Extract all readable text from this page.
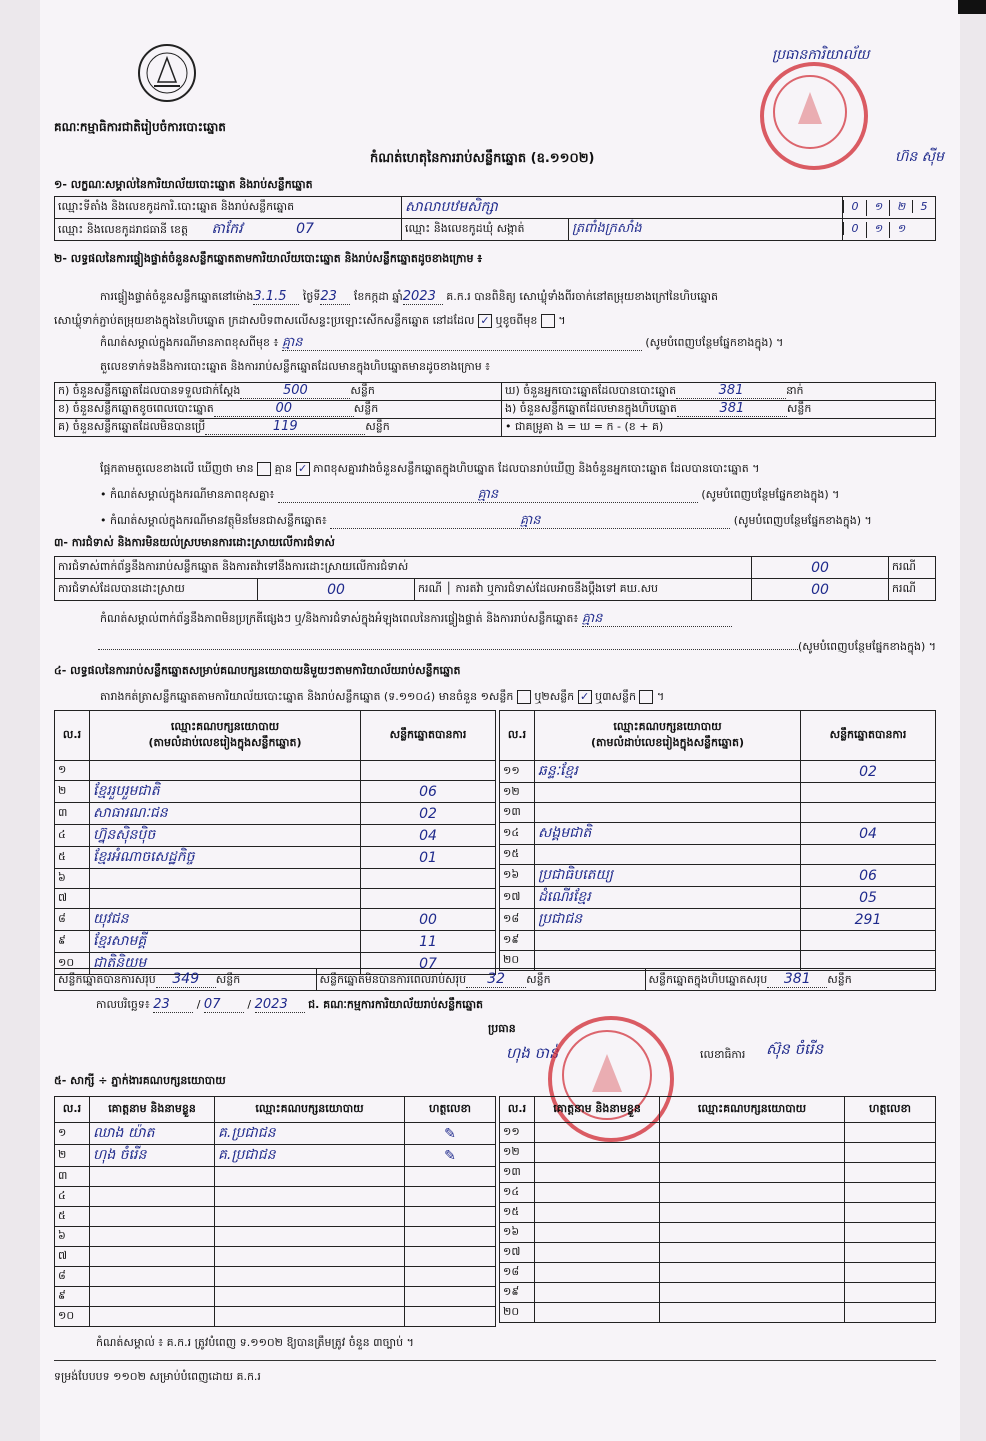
គណៈកម្មាធិការជាតិរៀបចំការបោះឆ្នោត
កំណត់ហេតុនៃការរាប់សន្លឹកឆ្នោត (ឧ.១១០២)
ប្រធានការិយាល័យ
ហ៊ន ស៊ីម
១- លក្ខណៈសម្គាល់នៃការិយាល័យបោះឆ្នោត និងរាប់សន្លឹកឆ្នោត
ឈ្មោះទីតាំង និងលេខកូដការិ.បោះឆ្នោត និងរាប់សន្លឹកឆ្នោត	សាលាបឋមសិក្សា		0 ១ ២ 5
ឈ្មោះ និងលេខកូដរាជធានី ខេត្ត តាកែវ 07	ឈ្មោះ និងលេខកូដឃុំ សង្កាត់	ត្រពាំងក្រសាំង	0 ១ ១
២- លទ្ធផលនៃការផ្ទៀងផ្ទាត់ចំនួនសន្លឹកឆ្នោតតាមការិយាល័យបោះឆ្នោត និងរាប់សន្លឹកឆ្នោតដូចខាងក្រោម ៖
ការផ្ទៀងផ្ទាត់ចំនួនសន្លឹកឆ្នោតនៅម៉ោង3.1.5 ថ្ងៃទី23 ខែកក្កដា ឆ្នាំ2023 គ.ក.រ បានពិនិត្យ សោឃ្លុំទាំងពីរចាក់នៅតម្រុយខាងក្រៅនៃហិបឆ្នោត
សោឃ្លុំទាក់ភ្ជាប់តម្រុយខាងក្នុងនៃហិបឆ្នោត ក្រដាសបិទពាសលើសន្ទះប្រឡោះសើកសន្លឹកឆ្នោត នៅដដែល ✓ ឬខូចពីមុខ  ។
កំណត់សម្គាល់ក្នុងករណីមានភាពខុសពីមុខ ៖ គ្មាន	(សូមបំពេញបន្ថែមផ្នែកខាងក្នុង) ។
តួលេខទាក់ទងនឹងការបោះឆ្នោត និងការរាប់សន្លឹកឆ្នោតដែលមានក្នុងហិបឆ្នោតមានដូចខាងក្រោម ៖
ក) ចំនួនសន្លឹកឆ្នោតដែលបានទទួលជាក់ស្តែង 500 សន្លឹក	ឃ) ចំនួនអ្នកបោះឆ្នោតដែលបានបោះឆ្នោត 381 នាក់
ខ) ចំនួនសន្លឹកឆ្នោតខូចពេលបោះឆ្នោត 00 សន្លឹក	ង) ចំនួនសន្លឹកឆ្នោតដែលមានក្នុងហិបឆ្នោត 381 សន្លឹក
គ) ចំនួនសន្លឹកឆ្នោតដែលមិនបានប្រើ 119 សន្លឹក	• ជាគម្រូគា ង = ឃ = ក - (ខ + គ)
ផ្អែកតាមតួលេខខាងលើ ឃើញថា មាន គ្មាន ✓ ភាពខុសគ្នារវាងចំនួនសន្លឹកឆ្នោតក្នុងហិបឆ្នោត ដែលបានរាប់ឃើញ និងចំនួនអ្នកបោះឆ្នោត ដែលបានបោះឆ្នោត ។
• កំណត់សម្គាល់ក្នុងករណីមានភាពខុសគ្នា៖	គ្មាន	(សូមបំពេញបន្ថែមផ្នែកខាងក្នុង) ។
• កំណត់សម្គាល់ក្នុងករណីមានវត្ថុមិនមែនជាសន្លឹកឆ្នោត៖	គ្មាន	(សូមបំពេញបន្ថែមផ្នែកខាងក្នុង) ។
៣- ការជំទាស់ និងការមិនយល់ស្របមានការដោះស្រាយលើការជំទាស់
ការជំទាស់ពាក់ព័ន្ធនឹងការរាប់សន្លឹកឆ្នោត និងការតវ៉ាទៅនឹងការដោះស្រាយលើការជំទាស់			00	ករណី
ការជំទាស់ដែលបានដោះស្រាយ	00	ករណី │ ការតវ៉ា ឬការជំទាស់ដែលអាចនឹងប្តឹងទៅ គឃ.សប	00	ករណី
កំណត់សម្គាល់ពាក់ព័ន្ធនឹងភាពមិនប្រក្រតីផ្សេងៗ ឬ/និងការជំទាស់ក្នុងអំឡុងពេលនៃការផ្ទៀងផ្ទាត់ និងការរាប់សន្លឹកឆ្នោត៖ គ្មាន
(សូមបំពេញបន្ថែមផ្នែកខាងក្នុង) ។
៤- លទ្ធផលនៃការរាប់សន្លឹកឆ្នោតសម្រាប់គណបក្សនយោបាយនិមួយៗតាមការិយាល័យរាប់សន្លឹកឆ្នោត
តារាងកត់ត្រាសន្លឹកឆ្នោតតាមការិយាល័យបោះឆ្នោត និងរាប់សន្លឹកឆ្នោត (ទ.១១០៤) មានចំនួន ១សន្លឹក ឬ២សន្លឹក ✓ ឬ៣សន្លឹក  ។
ល.រ	ឈ្មោះគណបក្សនយោបាយ
(តាមលំដាប់លេខរៀងក្នុងសន្លឹកឆ្នោត)	សន្លឹកឆ្នោតបានការ
១		
២	ខ្មែររួបរួមជាតិ	06
៣	សាធារណៈជន	02
៤	ហ្វ៊ុនស៊ិនប៉ិច	04
៥	ខ្មែរអំណាចសេដ្ឋកិច្ច	01
៦		
៧		
៨	យុវជន	00
៩	ខ្មែរសាមគ្គី	11
១០	ជាតិនិយម	07
ល.រ	ឈ្មោះគណបក្សនយោបាយ
(តាមលំដាប់លេខរៀងក្នុងសន្លឹកឆ្នោត)	សន្លឹកឆ្នោតបានការ
១១	ឆន្ទៈខ្មែរ	02
១២		
១៣		
១៤	សង្គមជាតិ	04
១៥		
១៦	ប្រជាធិបតេយ្យ	06
១៧	ដំណើរខ្មែរ	05
១៨	ប្រជាជន	291
១៩		
២០		
សន្លឹកឆ្នោតបានការសរុប 349 សន្លឹក	សន្លឹកឆ្នោតមិនបានការពេលរាប់សរុប 32 សន្លឹក	សន្លឹកឆ្នោតក្នុងហិបឆ្នោតសរុប 381 សន្លឹក
កាលបរិច្ឆេទ៖ 23 / 07 / 2023 ជ. គណៈកម្មការការិយាល័យរាប់សន្លឹកឆ្នោត
ប្រធាន
ហុង ចាន់	លេខាធិការ ស៊ុន ចំរើន
៥- សាក្សី ÷ ភ្នាក់ងារគណបក្សនយោបាយ
ល.រ	គោត្តនាម និងនាមខ្លួន	ឈ្មោះគណបក្សនយោបាយ	ហត្ថលេខា
១	ឈាង យ៉ាត	គ.ប្រជាជន	✎
២	ហុង ចំរើន	គ.ប្រជាជន	✎
៣			
៤			
៥			
៦			
៧			
៨			
៩			
១០			
ល.រ	គោត្តនាម និងនាមខ្លួន	ឈ្មោះគណបក្សនយោបាយ	ហត្ថលេខា
១១			
១២			
១៣			
១៤			
១៥			
១៦			
១៧			
១៨			
១៩			
២០			
កំណត់សម្គាល់ ៖ គ.ក.រ ត្រូវបំពេញ ទ.១១០២ ឱ្យបានត្រឹមត្រូវ ចំនួន ៣ច្បាប់ ។
ទម្រង់បែបបទ ១១០២ សម្រាប់បំពេញដោយ គ.ក.រ
